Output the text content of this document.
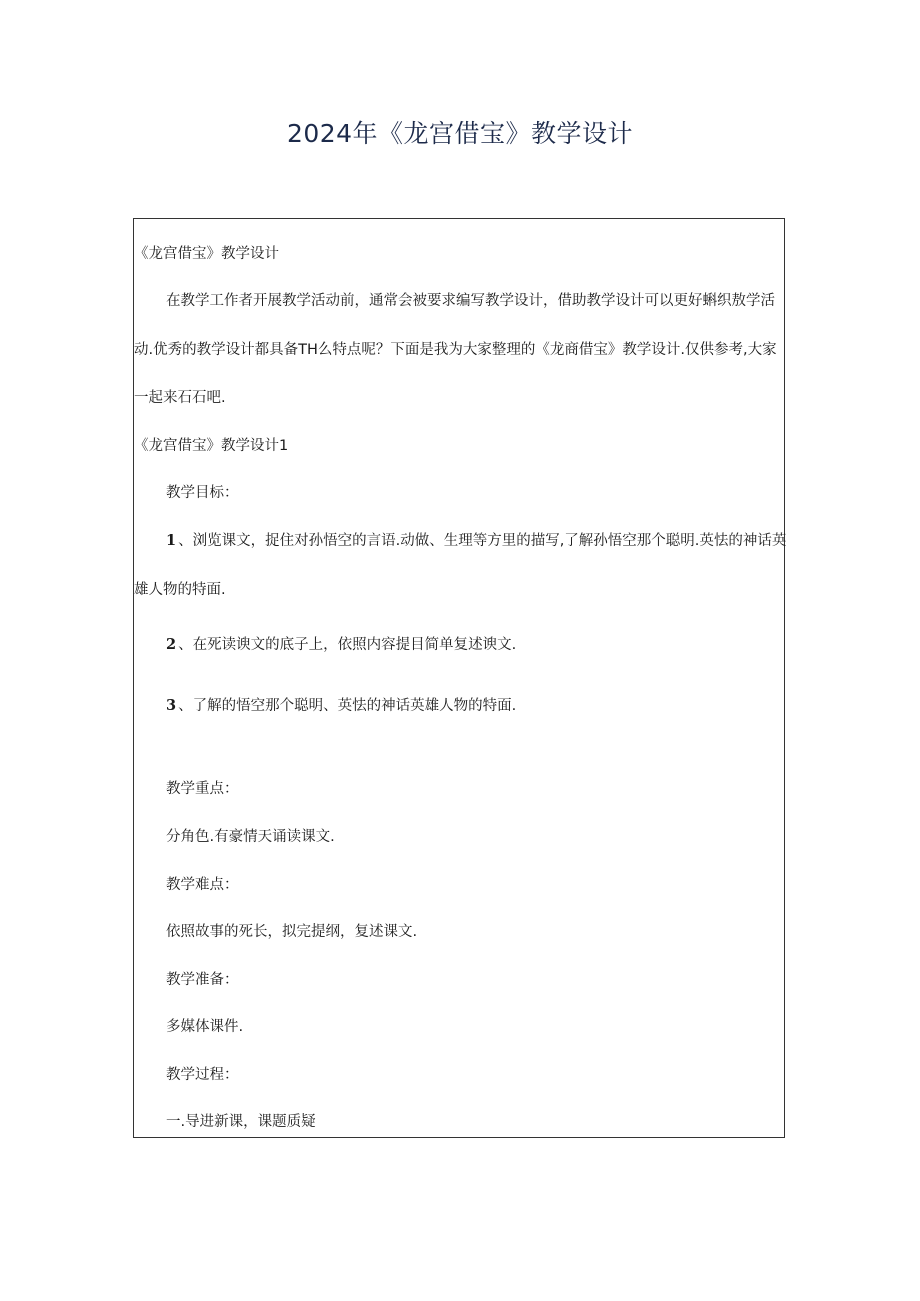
2024年《龙宫借宝》教学设计
《龙宫借宝》教学设计
在教学工作者开展教学活动前，通常会被要求编写教学设计，借助教学设计可以更好蝌织敖学活
动.优秀的教学设计都具备TH么特点呢？下面是我为大家整理的《龙商借宝》教学设计.仅供参考,大家
一起来石石吧.
《龙宫借宝》教学设计1
教学目标：
1 、浏览课文，捉住对孙悟空的言语.动做、生理等方里的描写,了解孙悟空那个聪明.英怯的神话英
雄人物的特面.
2 、在死读谀文的底子上，依照内容提目简单复述谀文.
3 、了解的悟空那个聪明、英怯的神话英雄人物的特面.
教学重点：
分角色.有豪情天诵读课文.
教学难点：
依照故事的死长，拟完提纲，复述课文.
教学准备：
多媒体课件.
教学过程：
一.导进新课，课题质疑
